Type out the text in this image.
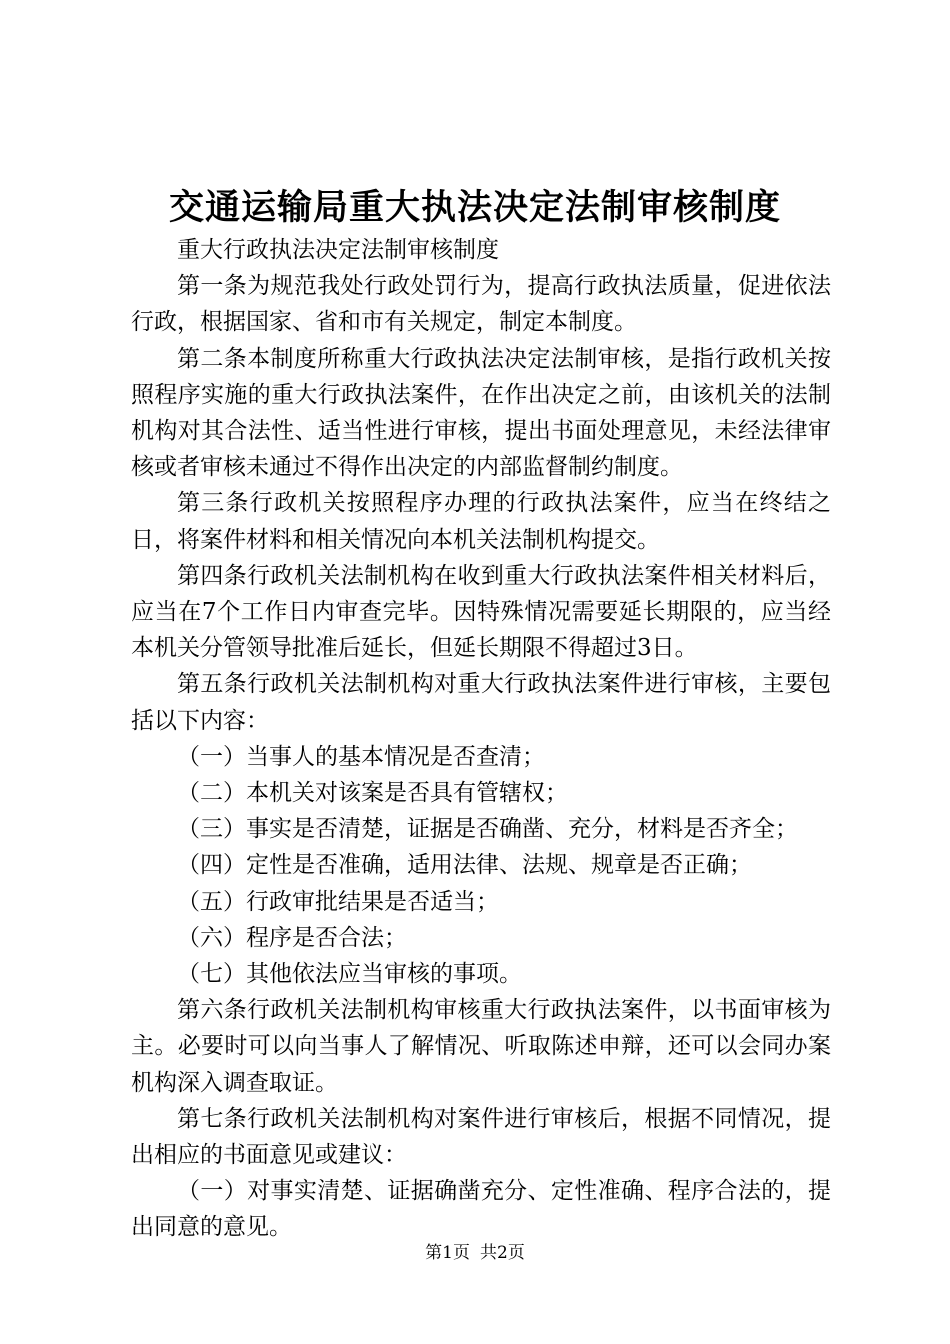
交通运输局重大执法决定法制审核制度

重大行政执法决定法制审核制度

第一条为规范我处行政处罚行为，提高行政执法质量，促进依法行政，根据国家、省和市有关规定，制定本制度。

第二条本制度所称重大行政执法决定法制审核，是指行政机关按照程序实施的重大行政执法案件，在作出决定之前，由该机关的法制机构对其合法性、适当性进行审核，提出书面处理意见，未经法律审核或者审核未通过不得作出决定的内部监督制约制度。

第三条行政机关按照程序办理的行政执法案件，应当在终结之日，将案件材料和相关情况向本机关法制机构提交。

第四条行政机关法制机构在收到重大行政执法案件相关材料后，应当在7个工作日内审查完毕。因特殊情况需要延长期限的，应当经本机关分管领导批准后延长，但延长期限不得超过3日。

第五条行政机关法制机构对重大行政执法案件进行审核，主要包括以下内容：

（一）当事人的基本情况是否查清；

（二）本机关对该案是否具有管辖权；

（三）事实是否清楚，证据是否确凿、充分，材料是否齐全；

（四）定性是否准确，适用法律、法规、规章是否正确；

（五）行政审批结果是否适当；

（六）程序是否合法；

（七）其他依法应当审核的事项。

第六条行政机关法制机构审核重大行政执法案件，以书面审核为主。必要时可以向当事人了解情况、听取陈述申辩，还可以会同办案机构深入调查取证。

第七条行政机关法制机构对案件进行审核后，根据不同情况，提出相应的书面意见或建议：

（一）对事实清楚、证据确凿充分、定性准确、程序合法的，提出同意的意见。

第1页 共2页
